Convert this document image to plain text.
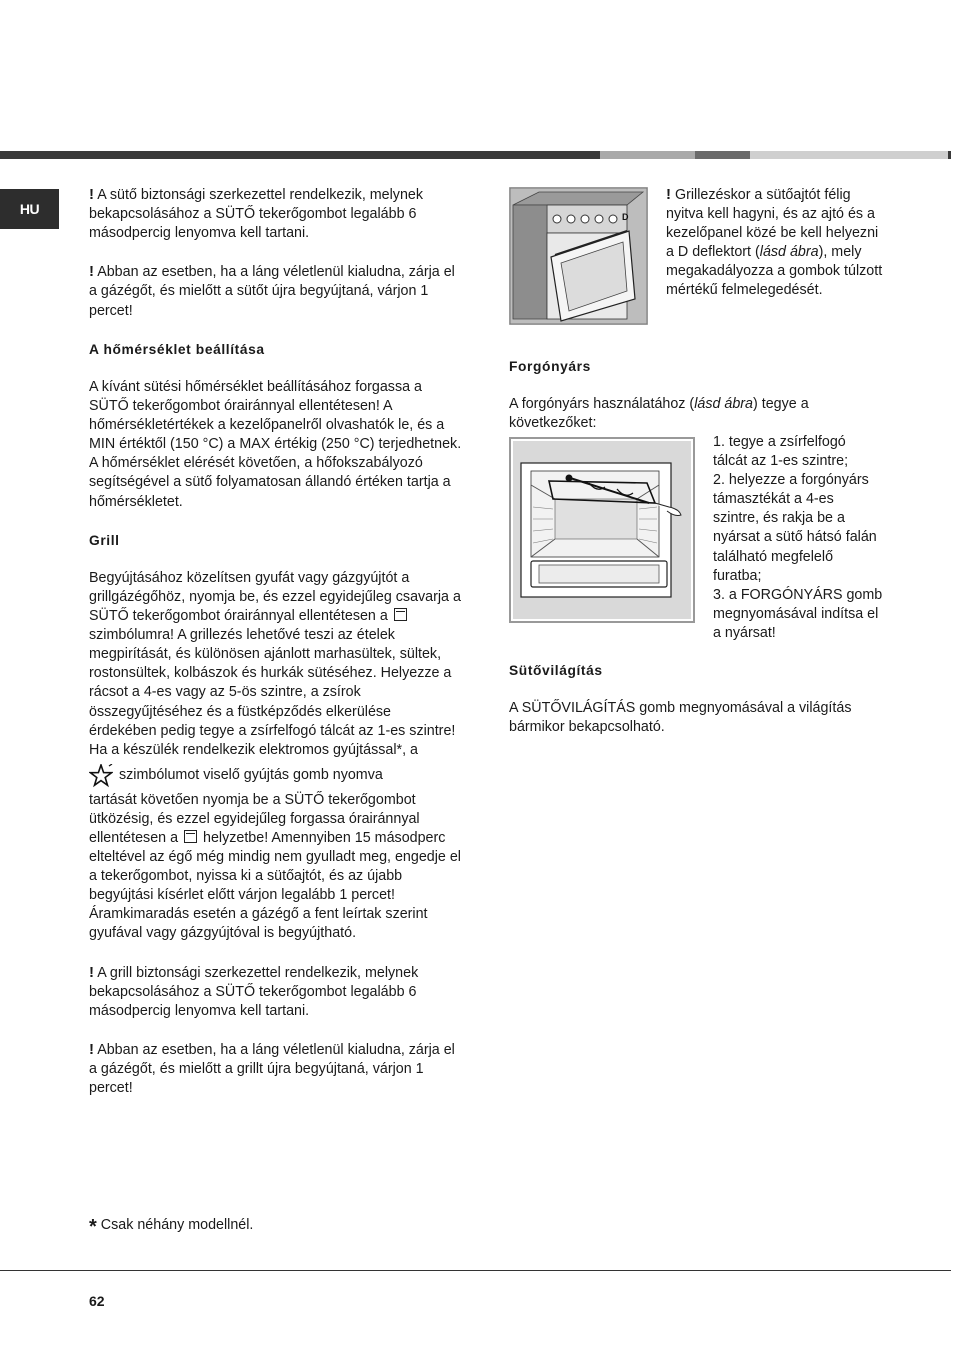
HU

! A sütő biztonsági szerkezettel rendelkezik, melynek bekapcsolásához a SÜTŐ tekerőgombot legalább 6 másodpercig lenyomva kell tartani.

! Abban az esetben, ha a láng véletlenül kialudna, zárja el a gázégőt, és mielőtt a sütőt újra begyújtaná, várjon 1 percet!

A hőmérséklet beállítása

A kívánt sütési hőmérséklet beállításához forgassa a SÜTŐ tekerőgombot órairánnyal ellentétesen! A hőmérsékletértékek a kezelőpanelről olvashatók le, és a MIN értéktől (150 °C) a MAX értékig (250 °C) terjedhetnek. A hőmérséklet elérését követően, a hőfokszabályozó segítségével a sütő folyamatosan állandó értéken tartja a hőmérsékletet.

Grill

Begyújtásához közelítsen gyufát vagy gázgyújtót a grillgázégőhöz, nyomja be, és ezzel egyidejűleg csavarja a SÜTŐ tekerőgombot órairánnyal ellentétesen a  szimbólumra! A grillezés lehetővé teszi az ételek megpirítását, és különösen ajánlott marhasültek, sültek, rostonsültek, kolbászok és hurkák sütéséhez. Helyezze a rácsot a 4-es vagy az 5-ös szintre, a zsírok összegyűjtéséhez és a füstképződés elkerülése érdekében pedig tegye a zsírfelfogó tálcát az 1-es szintre!

Ha a készülék rendelkezik elektromos gyújtással*, a

szimbólumot viselő gyújtás gomb nyomva

tartását követően nyomja be a SÜTŐ tekerőgombot ütközésig, és ezzel egyidejűleg forgassa órairánnyal ellentétesen a helyzetbe! Amennyiben 15 másodperc elteltével az égő még mindig nem gyulladt meg, engedje el a tekerőgombot, nyissa ki a sütőajtót, és az újabb begyújtási kísérlet előtt várjon legalább 1 percet! Áramkimaradás esetén a gázégő a fent leírtak szerint gyufával vagy gázgyújtóval is begyújtható.

! A grill biztonsági szerkezettel rendelkezik, melynek bekapcsolásához a SÜTŐ tekerőgombot legalább 6 másodpercig lenyomva kell tartani.

! Abban az esetben, ha a láng véletlenül kialudna, zárja el a gázégőt, és mielőtt a grillt újra begyújtaná, várjon 1 percet!

D

! Grillezéskor a sütőajtót félig nyitva kell hagyni, és az ajtó és a kezelőpanel közé be kell helyezni a D deflektort (lásd ábra), mely megakadályozza a gombok túlzott mértékű felmelegedését.

Forgónyárs

A forgónyárs használatához (lásd ábra) tegye a következőket:

1. tegye a zsírfelfogó tálcát az 1-es szintre;
2. helyezze a forgónyárs támasztékát a 4-es szintre, és rakja be a nyársat a sütő hátsó falán található megfelelő furatba;
3. a FORGÓNYÁRS gomb megnyomásával indítsa el a nyársat!

Sütővilágítás

A SÜTŐVILÁGÍTÁS gomb megnyomásával a világítás bármikor bekapcsolható.

* Csak néhány modellnél.
62
